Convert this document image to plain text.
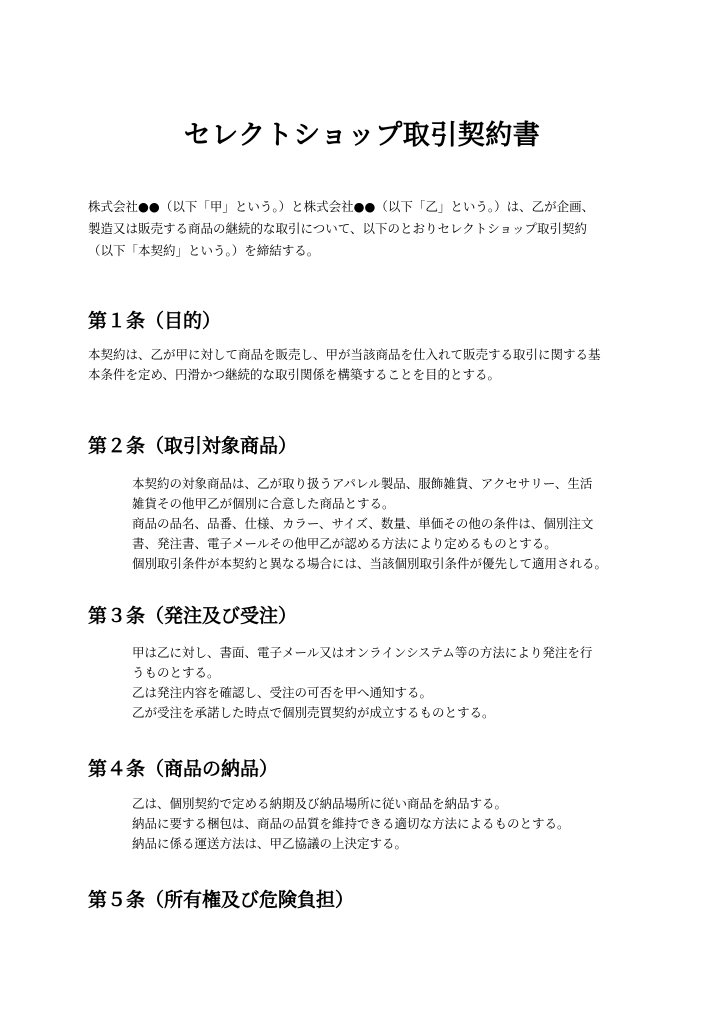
セレクトショップ取引契約書
株式会社●●（以下「甲」という。）と株式会社●●（以下「乙」という。）は、乙が企画、
製造又は販売する商品の継続的な取引について、以下のとおりセレクトショップ取引契約
（以下「本契約」という。）を締結する。
第１条（目的）
本契約は、乙が甲に対して商品を販売し、甲が当該商品を仕入れて販売する取引に関する基
本条件を定め、円滑かつ継続的な取引関係を構築することを目的とする。
第２条（取引対象商品）
本契約の対象商品は、乙が取り扱うアパレル製品、服飾雑貨、アクセサリー、生活
雑貨その他甲乙が個別に合意した商品とする。
商品の品名、品番、仕様、カラー、サイズ、数量、単価その他の条件は、個別注文
書、発注書、電子メールその他甲乙が認める方法により定めるものとする。
個別取引条件が本契約と異なる場合には、当該個別取引条件が優先して適用される。
第３条（発注及び受注）
甲は乙に対し、書面、電子メール又はオンラインシステム等の方法により発注を行
うものとする。
乙は発注内容を確認し、受注の可否を甲へ通知する。
乙が受注を承諾した時点で個別売買契約が成立するものとする。
第４条（商品の納品）
乙は、個別契約で定める納期及び納品場所に従い商品を納品する。
納品に要する梱包は、商品の品質を維持できる適切な方法によるものとする。
納品に係る運送方法は、甲乙協議の上決定する。
第５条（所有権及び危険負担）
